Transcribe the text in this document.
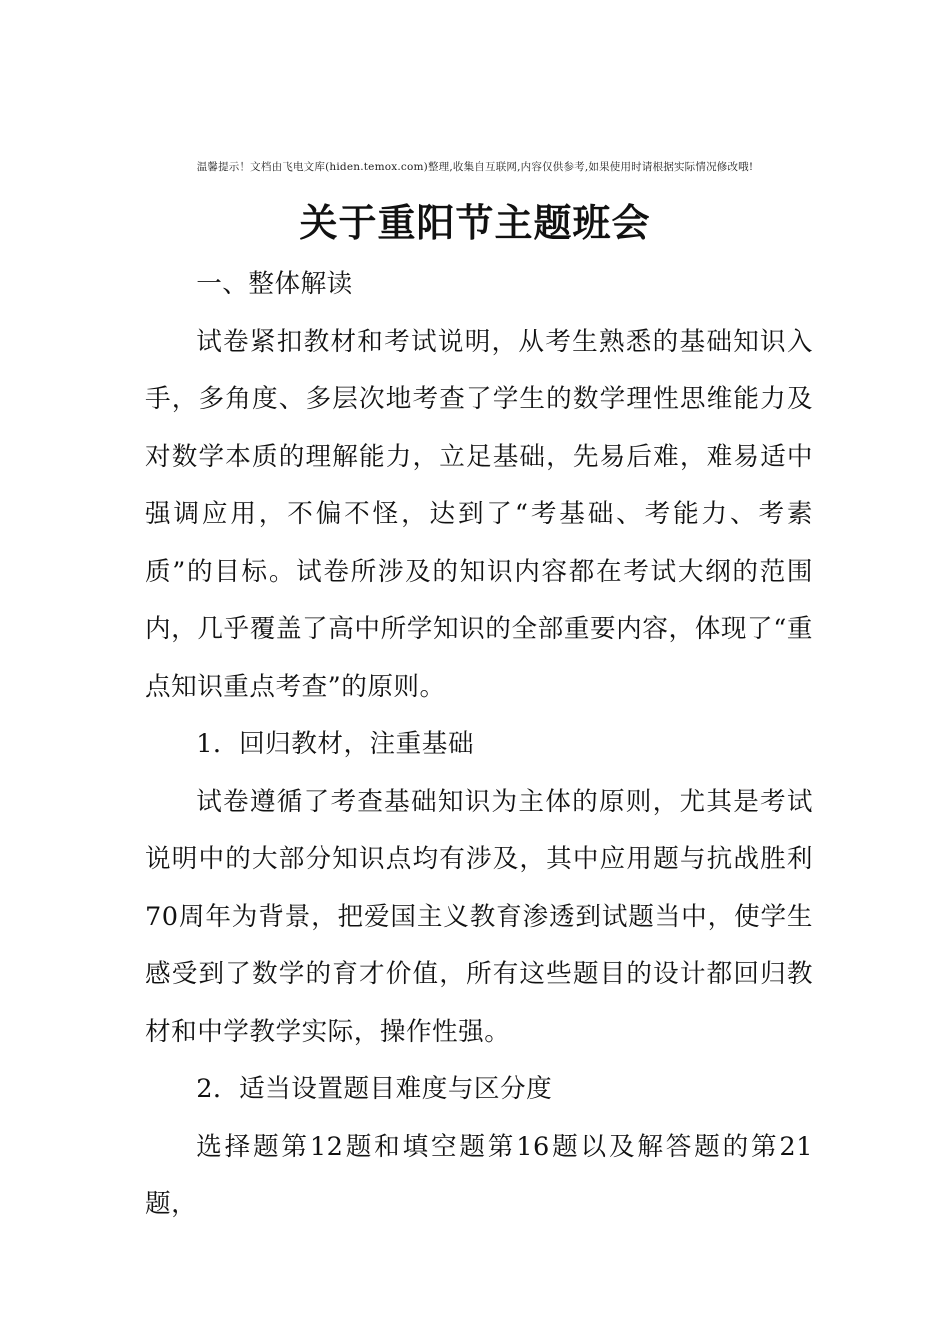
温馨提示！文档由飞电文库(hiden.temox.com)整理,收集自互联网,内容仅供参考,如果使用时请根据实际情况修改哦!
关于重阳节主题班会

一、整体解读

试卷紧扣教材和考试说明，从考生熟悉的基础知识入手，多角度、多层次地考查了学生的数学理性思维能力及对数学本质的理解能力，立足基础，先易后难，难易适中强调应用，不偏不怪，达到了“考基础、考能力、考素质”的目标。试卷所涉及的知识内容都在考试大纲的范围内，几乎覆盖了高中所学知识的全部重要内容，体现了“重点知识重点考查”的原则。

1．回归教材，注重基础

试卷遵循了考查基础知识为主体的原则，尤其是考试说明中的大部分知识点均有涉及，其中应用题与抗战胜利70周年为背景，把爱国主义教育渗透到试题当中，使学生感受到了数学的育才价值，所有这些题目的设计都回归教材和中学教学实际，操作性强。

2．适当设置题目难度与区分度

选择题第12题和填空题第16题以及解答题的第21题，
